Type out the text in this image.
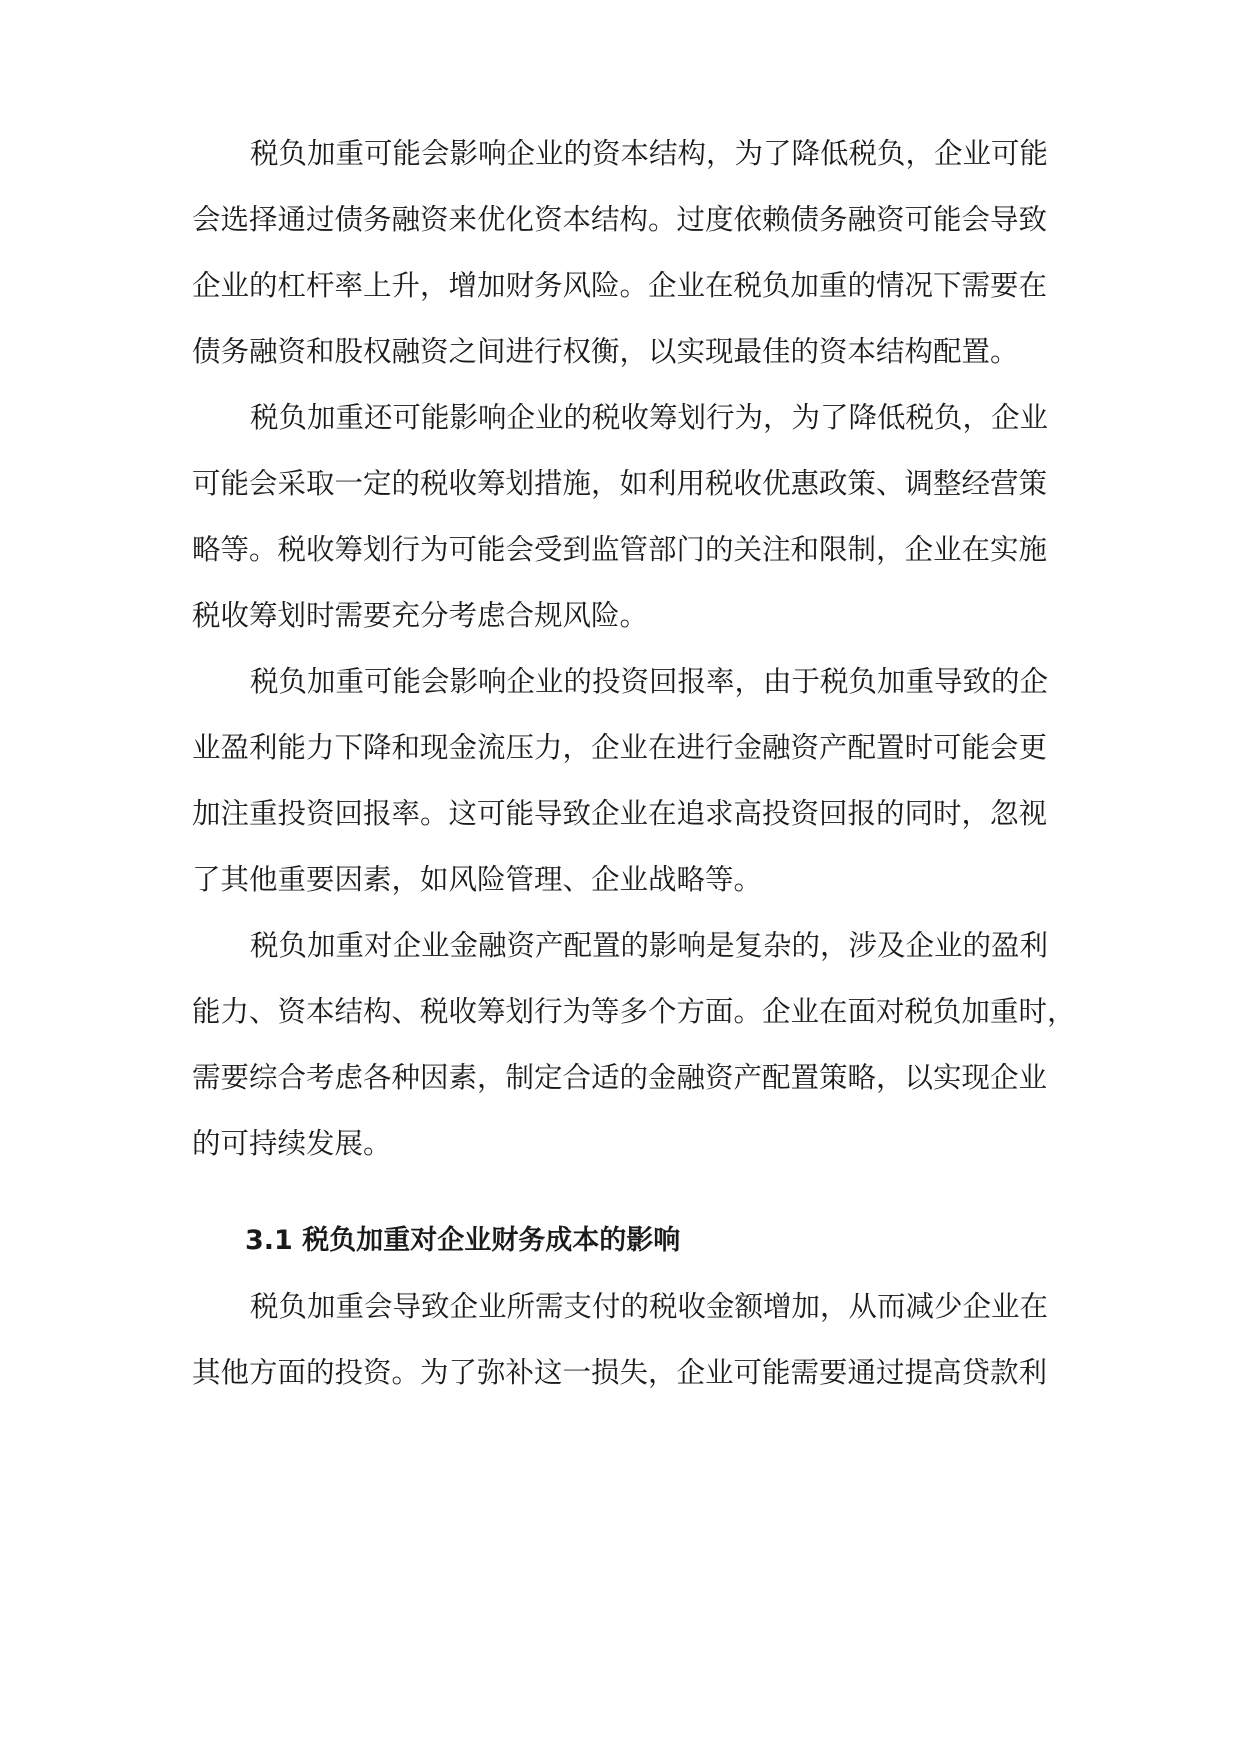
税负加重可能会影响企业的资本结构，为了降低税负，企业可能
会选择通过债务融资来优化资本结构。过度依赖债务融资可能会导致
企业的杠杆率上升，增加财务风险。企业在税负加重的情况下需要在
债务融资和股权融资之间进行权衡，以实现最佳的资本结构配置。
税负加重还可能影响企业的税收筹划行为，为了降低税负，企业
可能会采取一定的税收筹划措施，如利用税收优惠政策、调整经营策
略等。税收筹划行为可能会受到监管部门的关注和限制，企业在实施
税收筹划时需要充分考虑合规风险。
税负加重可能会影响企业的投资回报率，由于税负加重导致的企
业盈利能力下降和现金流压力，企业在进行金融资产配置时可能会更
加注重投资回报率。这可能导致企业在追求高投资回报的同时，忽视
了其他重要因素，如风险管理、企业战略等。
税负加重对企业金融资产配置的影响是复杂的，涉及企业的盈利
能力、资本结构、税收筹划行为等多个方面。企业在面对税负加重时，
需要综合考虑各种因素，制定合适的金融资产配置策略，以实现企业
的可持续发展。
3.1 税负加重对企业财务成本的影响
税负加重会导致企业所需支付的税收金额增加，从而减少企业在
其他方面的投资。为了弥补这一损失，企业可能需要通过提高贷款利
